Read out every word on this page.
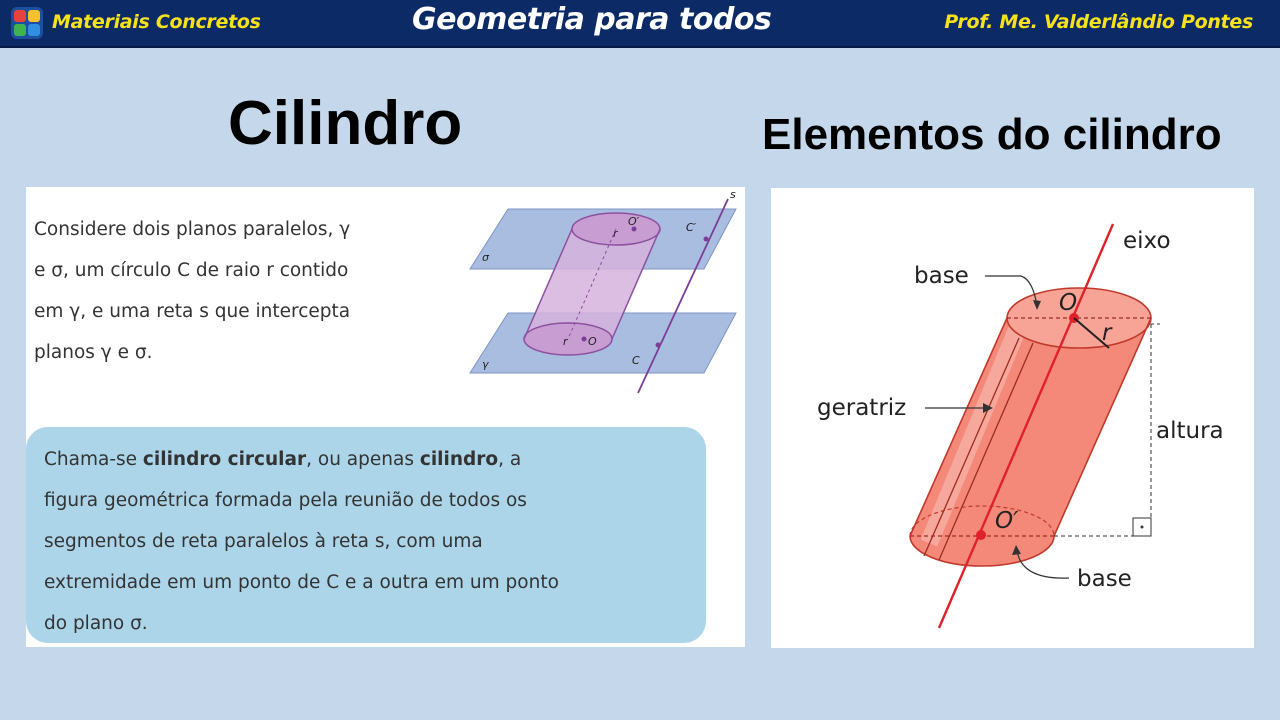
Materiais Concretos	Geometria para todos	Prof. Me. Valderlândio Pontes
Cilindro	Elementos do cilindro

Considere dois planos paralelos, γ

e σ, um círculo C de raio r contido

em γ, e uma reta s que intercepta

planos γ e σ.

s
O′	C′
r
σ
r O
γ	C

Chama-se cilindro circular, ou apenas cilindro, a

figura geométrica formada pela reunião de todos os

segmentos de reta paralelos à reta s, com uma

extremidade em um ponto de C e a outra em um ponto

do plano σ.

eixo
base
O
r
geratriz
altura
O′
base
